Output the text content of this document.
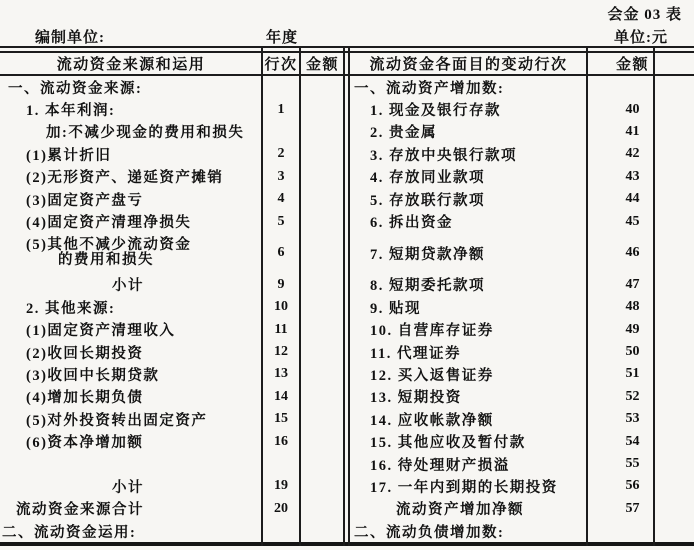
会金 03 表
编制单位:	年度	单位:元
流动资金来源和运用	行次 金额	流动资金各面目的变动行次	金额
一、流动资金来源:	一、流动资产增加数:
1. 本年利润:	1	1. 现金及银行存款	40
加:不减少现金的费用和损失	2. 贵金属	41
(1)累计折旧	2	3. 存放中央银行款项	42
(2)无形资产、递延资产摊销	3	4. 存放同业款项	43
(3)固定资产盘亏	4	5. 存放联行款项	44
(4)固定资产清理净损失	5	6. 拆出资金	45
(5)其他不减少流动资金
的费用和损失	6	7. 短期贷款净额	46
小计	9	8. 短期委托款项	47
2. 其他来源:	10	9. 贴现	48
(1)固定资产清理收入	11	10. 自营库存证券	49
(2)收回长期投资	12	11. 代理证券	50
(3)收回中长期贷款	13	12. 买入返售证券	51
(4)增加长期负债	14	13. 短期投资	52
(5)对外投资转出固定资产	15	14. 应收帐款净额	53
(6)资本净增加额	16	15. 其他应收及暂付款	54
16. 待处理财产损溢	55
小计	19	17. 一年内到期的长期投资	56
流动资金来源合计	20	流动资产增加净额	57
二、流动资金运用:	二、流动负债增加数:
